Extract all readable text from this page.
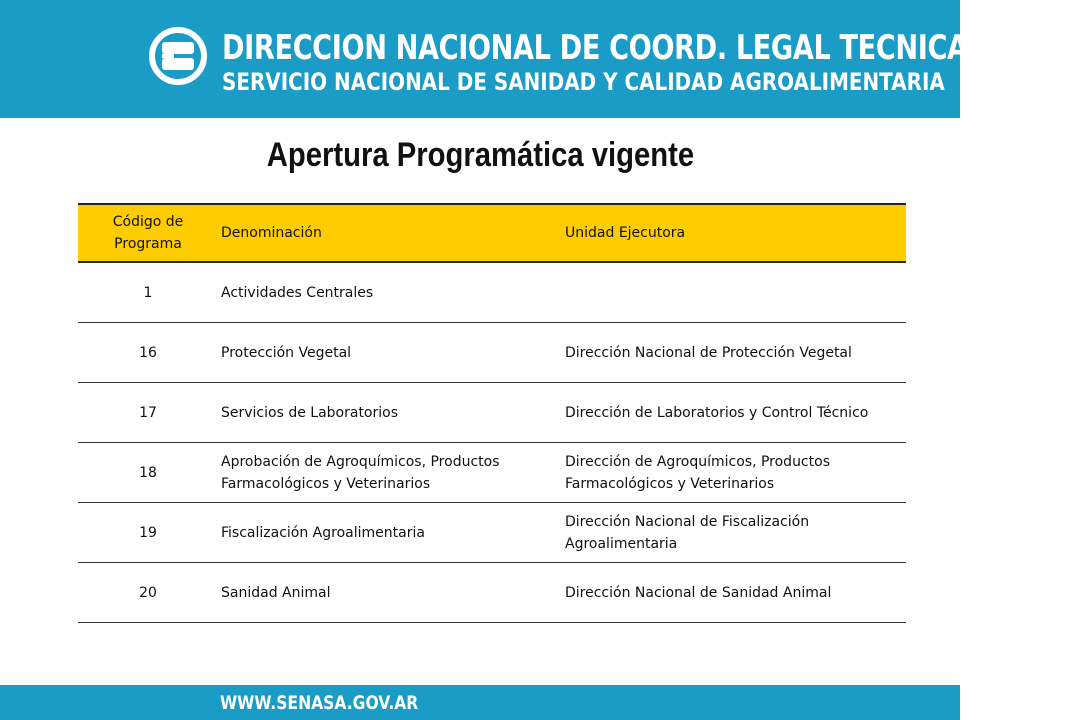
DIRECCION NACIONAL DE COORD. LEGAL TECNICA Y ADM
SERVICIO NACIONAL DE SANIDAD Y CALIDAD AGROALIMENTARIA
Apertura Programática vigente
Código de Programa	Denominación	Unidad Ejecutora
1	Actividades Centrales	
16	Protección Vegetal	Dirección Nacional de Protección Vegetal
17	Servicios de Laboratorios	Dirección de Laboratorios y Control Técnico
18	Aprobación de Agroquímicos, Productos Farmacológicos y Veterinarios	Dirección de Agroquímicos, Productos Farmacológicos y Veterinarios
19	Fiscalización Agroalimentaria	Dirección Nacional de Fiscalización Agroalimentaria
20	Sanidad Animal	Dirección Nacional de Sanidad Animal
WWW.SENASA.GOV.AR
